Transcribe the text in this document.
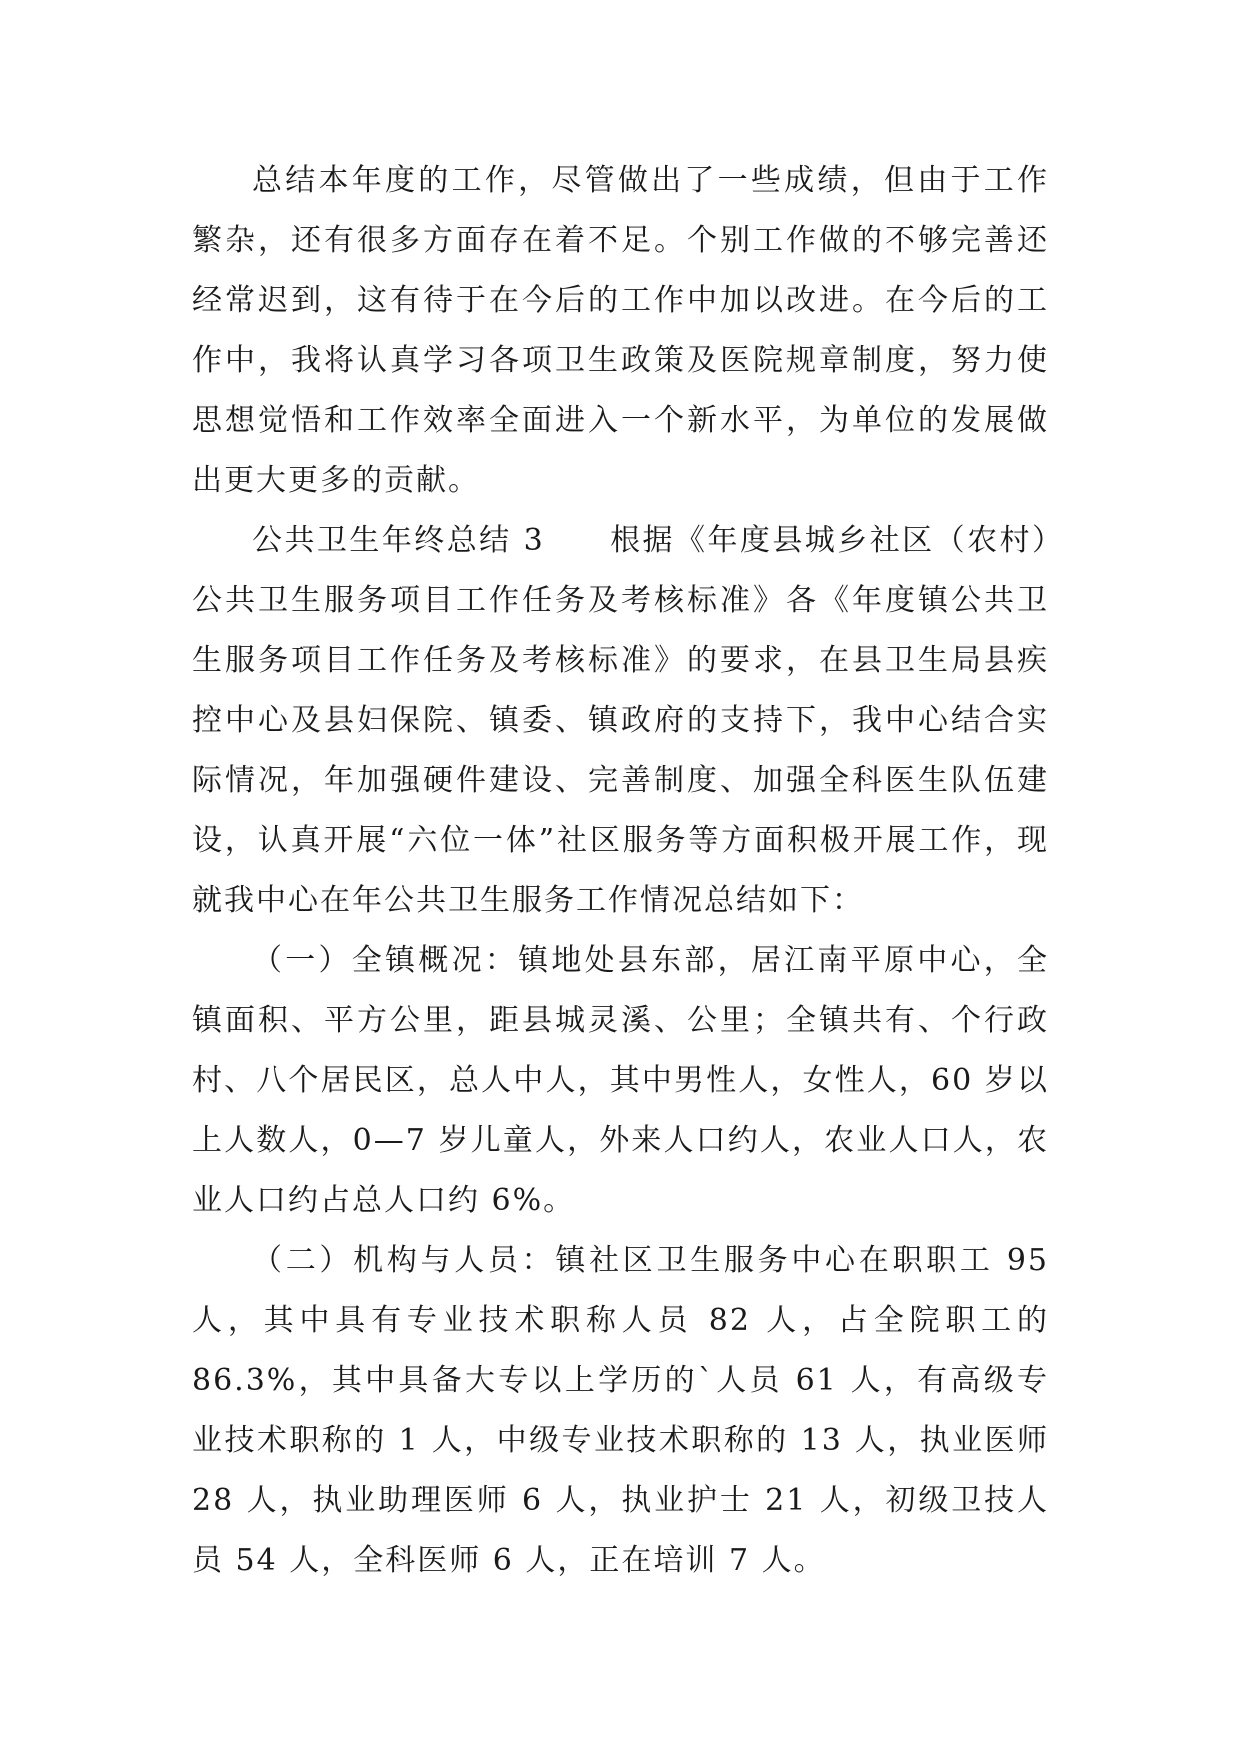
总结本年度的工作，尽管做出了一些成绩，但由于工作繁杂，还有很多方面存在着不足。个别工作做的不够完善还经常迟到，这有待于在今后的工作中加以改进。在今后的工作中，我将认真学习各项卫生政策及医院规章制度，努力使思想觉悟和工作效率全面进入一个新水平，为单位的发展做出更大更多的贡献。

公共卫生年终总结 3　　根据《年度县城乡社区（农村）公共卫生服务项目工作任务及考核标准》各《年度镇公共卫生服务项目工作任务及考核标准》的要求，在县卫生局县疾控中心及县妇保院、镇委、镇政府的支持下，我中心结合实际情况，年加强硬件建设、完善制度、加强全科医生队伍建设，认真开展“六位一体”社区服务等方面积极开展工作，现就我中心在年公共卫生服务工作情况总结如下：

（一）全镇概况：镇地处县东部，居江南平原中心，全镇面积、平方公里，距县城灵溪、公里；全镇共有、个行政村、八个居民区，总人中人，其中男性人，女性人，60 岁以上人数人，0—7 岁儿童人，外来人口约人，农业人口人，农业人口约占总人口约 6%。

（二）机构与人员：镇社区卫生服务中心在职职工 95 人，其中具有专业技术职称人员 82 人，占全院职工的 86.3%，其中具备大专以上学历的`人员 61 人，有高级专业技术职称的 1 人，中级专业技术职称的 13 人，执业医师 28 人，执业助理医师 6 人，执业护士 21 人，初级卫技人员 54 人，全科医师 6 人，正在培训 7 人。
